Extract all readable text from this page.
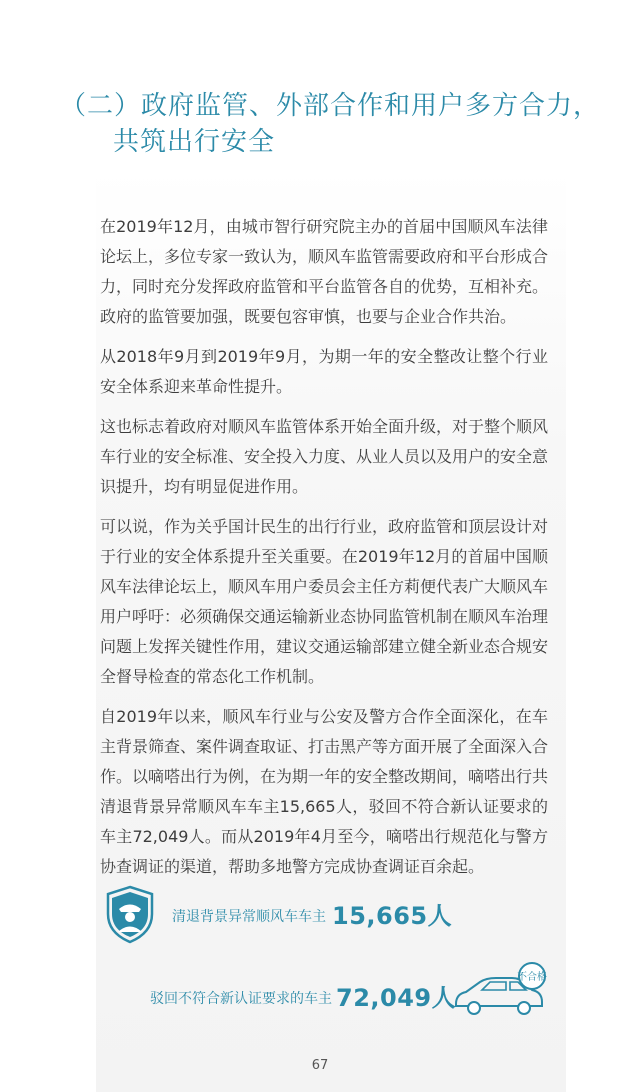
（二）政府监管、外部合作和用户多方合力，
共筑出行安全

在2019年12月，由城市智行研究院主办的首届中国顺风车法律论坛上，多位专家一致认为，顺风车监管需要政府和平台形成合力，同时充分发挥政府监管和平台监管各自的优势，互相补充。政府的监管要加强，既要包容审慎，也要与企业合作共治。

从2018年9月到2019年9月，为期一年的安全整改让整个行业安全体系迎来革命性提升。

这也标志着政府对顺风车监管体系开始全面升级，对于整个顺风车行业的安全标准、安全投入力度、从业人员以及用户的安全意识提升，均有明显促进作用。

可以说，作为关乎国计民生的出行行业，政府监管和顶层设计对于行业的安全体系提升至关重要。在2019年12月的首届中国顺风车法律论坛上，顺风车用户委员会主任方莉便代表广大顺风车用户呼吁：必须确保交通运输新业态协同监管机制在顺风车治理问题上发挥关键性作用，建议交通运输部建立健全新业态合规安全督导检查的常态化工作机制。

自2019年以来，顺风车行业与公安及警方合作全面深化，在车主背景筛查、案件调查取证、打击黑产等方面开展了全面深入合作。以嘀嗒出行为例，在为期一年的安全整改期间，嘀嗒出行共清退背景异常顺风车车主15,665人，驳回不符合新认证要求的车主72,049人。而从2019年4月至今，嘀嗒出行规范化与警方协查调证的渠道，帮助多地警方完成协查调证百余起。

清退背景异常顺风车车主 15,665人
驳回不符合新认证要求的车主 72,049人
不合格
67
